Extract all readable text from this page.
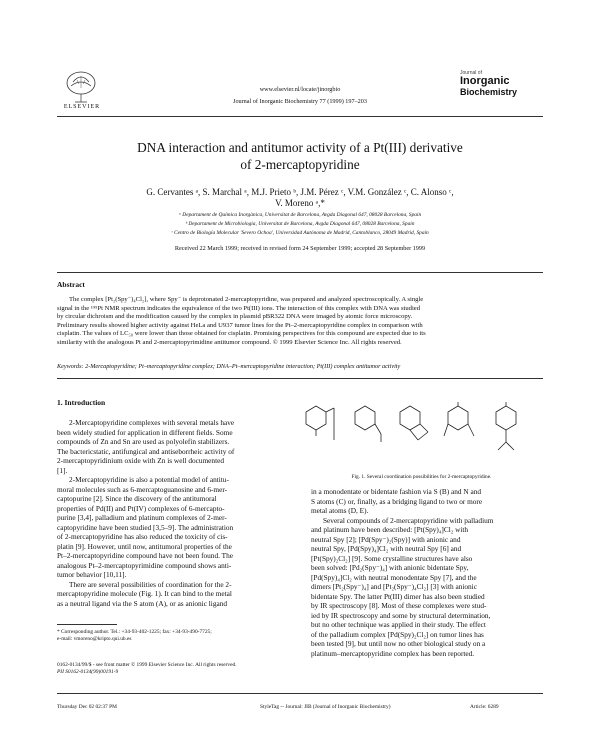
ELSEVIER
www.elsevier.nl/locate/jinorgbio
Journal of Inorganic Biochemistry 77 (1999) 197–203
Journal of
Inorganic
Biochemistry
DNA interaction and antitumor activity of a Pt(III) derivative
of 2-mercaptopyridine
G. Cervantes ᵃ, S. Marchal ᵃ, M.J. Prieto ᵇ, J.M. Pérez ᶜ, V.M. González ᶜ, C. Alonso ᶜ,
V. Moreno ᵃ,*
ᵃ Departament de Química Inorgànica, Universitat de Barcelona, Avgda Diagonal 647, 08028 Barcelona, Spain
ᵇ Departament de Microbiologia, Universitat de Barcelona, Avgda Diagonal 647, 08028 Barcelona, Spain
ᶜ Centro de Biología Molecular 'Severo Ochoa', Universidad Autónoma de Madrid, Cantoblanco, 28049 Madrid, Spain
Received 22 March 1999; received in revised form 24 September 1999; accepted 28 September 1999
Abstract
The complex [Pt₂(Spy⁻)₄Cl₂], where Spy⁻ is deprotonated 2-mercaptopyridine, was prepared and analyzed spectroscopically. A single
signal in the ¹⁹⁵Pt NMR spectrum indicates the equivalence of the two Pt(III) ions. The interaction of this complex with DNA was studied
by circular dichroism and the modification caused by the complex in plasmid pBR322 DNA were imaged by atomic force microscopy.
Preliminary results showed higher activity against HeLa and U937 tumor lines for the Pt–2-mercaptopyridine complex in comparison with
cisplatin. The values of LC₅₀ were lower than those obtained for cisplatin. Promising perspectives for this compound are expected due to its
similarity with the analogous Pt and 2-mercaptopyrimidine antitumor compound. © 1999 Elsevier Science Inc. All rights reserved.
Keywords: 2-Mercaptopyridine; Pt–mercaptopyridine complex; DNA–Pt–mercaptopyridine interaction; Pt(III) complex antitumor activity
1. Introduction
2-Mercaptopyridine complexes with several metals have
been widely studied for application in different fields. Some
compounds of Zn and Sn are used as polyolefin stabilizers.
The bactericstatic, antifungical and antiseborrheic activity of
2-mercaptopyridinium oxide with Zn is well documented
[1].
2-Mercaptopyridine is also a potential model of antitu-
moral molecules such as 6-mercaptoguanosine and 6-mer-
captopurine [2]. Since the discovery of the antitumoral
properties of Pd(II) and Pt(IV) complexes of 6-mercapto-
purine [3,4], palladium and platinum complexes of 2-mer-
captopyridine have been studied [3,5–9]. The administration
of 2-mercaptopyridine has also reduced the toxicity of cis-
platin [9]. However, until now, antitumoral properties of the
Pt–2-mercaptopyridine compound have not been found. The
analogous Pt–2-mercaptopyrimidine compound shows anti-
tumor behavior [10,11].
There are several possibilities of coordination for the 2-
mercaptopyridine molecule (Fig. 1). It can bind to the metal
as a neutral ligand via the S atom (A), or as anionic ligand
Fig. 1. Several coordination possibilities for 2-mercaptopyridine.
in a monodentate or bidentate fashion via S (B) and N and
S atoms (C) or, finally, as a bridging ligand to two or more
metal atoms (D, E).
Several compounds of 2-mercaptopyridine with palladium
and platinum have been described: [Pt(Spy)₄]Cl₂ with
neutral Spy [2]; [Pd(Spy⁻)₂(Spy)] with anionic and
neutral Spy, [Pd(Spy)₄]Cl₂ with neutral Spy [6] and
[Pt(Spy)₂Cl₂] [9]. Some crystalline structures have also
been solved: [Pd₂(Spy⁻)₄] with anionic bidentate Spy,
[Pd(Spy)₄]Cl₂ with neutral monodentate Spy [7], and the
dimers [Pt₂(Spy⁻)₄] and [Pt₂(Spy⁻)₄Cl₂] [3] with anionic
bidentate Spy. The latter Pt(III) dimer has also been studied
by IR spectroscopy [8]. Most of these complexes were stud-
ied by IR spectroscopy and some by structural determination,
but no other technique was applied in their study. The effect
of the palladium complex [Pd(Spy)₂Cl₂] on tumor lines has
been tested [9], but until now no other biological study on a
platinum–mercaptopyridine complex has been reported.
* Corresponding author. Tel.: +34-93-402-1225; fax: +34-93-490-7725;
e-mail: vmoreno@kripto.qui.ub.es
0162-0134/99/$ - see front matter © 1999 Elsevier Science Inc. All rights reserved.
PII S0162-0134(99)00191-9
Thursday Dec 02 02:37 PM	StyleTag -- Journal: JIB (Journal of Inorganic Biochemistry)	Article: 6289
